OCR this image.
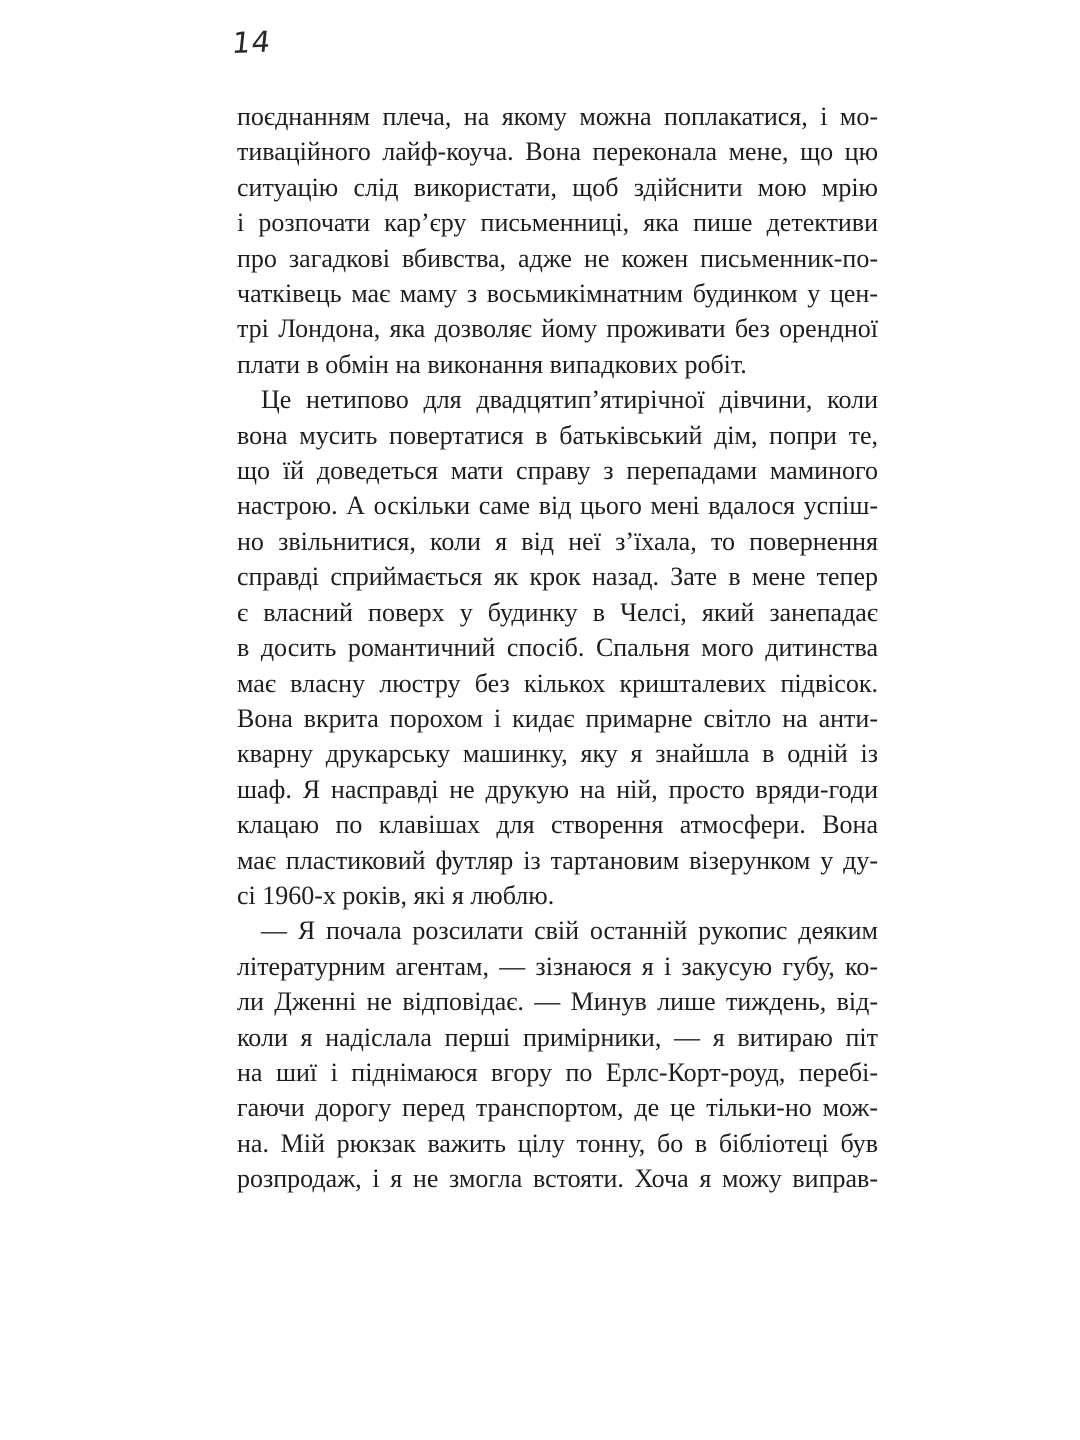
14
поєднанням плеча, на якому можна поплакатися, і мо-
тиваційного лайф-коуча. Вона переконала мене, що цю
ситуацію слід використати, щоб здійснити мою мрію
і розпочати кар’єру письменниці, яка пише детективи
про загадкові вбивства, адже не кожен письменник-по-
чатківець має маму з восьмикімнатним будинком у цен-
трі Лондона, яка дозволяє йому проживати без орендної
плати в обмін на виконання випадкових робіт.
Це нетипово для двадцятип’ятирічної дівчини, коли
вона мусить повертатися в батьківський дім, попри те,
що їй доведеться мати справу з перепадами маминого
настрою. А оскільки саме від цього мені вдалося успіш-
но звільнитися, коли я від неї з’їхала, то повернення
справді сприймається як крок назад. Зате в мене тепер
є власний поверх у будинку в Челсі, який занепадає
в досить романтичний спосіб. Спальня мого дитинства
має власну люстру без кількох кришталевих підвісок.
Вона вкрита порохом і кидає примарне світло на анти-
кварну друкарську машинку, яку я знайшла в одній із
шаф. Я насправді не друкую на ній, просто вряди-годи
клацаю по клавішах для створення атмосфери. Вона
має пластиковий футляр із тартановим візерунком у ду-
сі 1960-х років, які я люблю.
— Я почала розсилати свій останній рукопис деяким
літературним агентам, — зізнаюся я і закусую губу, ко-
ли Дженні не відповідає. — Минув лише тиждень, від-
коли я надіслала перші примірники, — я витираю піт
на шиї і піднімаюся вгору по Ерлс-Корт-роуд, перебі-
гаючи дорогу перед транспортом, де це тільки-но мож-
на. Мій рюкзак важить цілу тонну, бо в бібліотеці був
розпродаж, і я не змогла встояти. Хоча я можу виправ-
